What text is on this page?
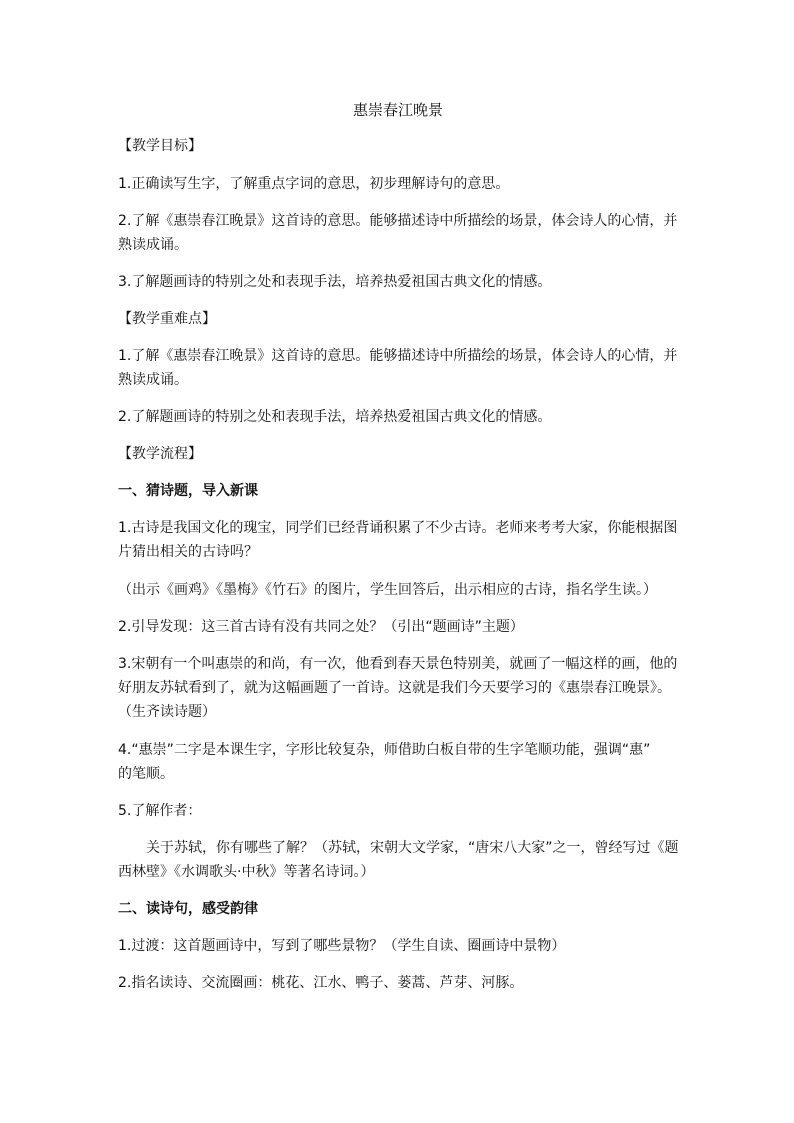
惠崇春江晚景

【教学目标】

1.正确读写生字，了解重点字词的意思，初步理解诗句的意思。

2.了解《惠崇春江晚景》这首诗的意思。能够描述诗中所描绘的场景，体会诗人的心情，并

熟读成诵。

3.了解题画诗的特别之处和表现手法，培养热爱祖国古典文化的情感。

【教学重难点】

1.了解《惠崇春江晚景》这首诗的意思。能够描述诗中所描绘的场景，体会诗人的心情，并

熟读成诵。

2.了解题画诗的特别之处和表现手法，培养热爱祖国古典文化的情感。

【教学流程】

一、猜诗题，导入新课

1.古诗是我国文化的瑰宝，同学们已经背诵积累了不少古诗。老师来考考大家，你能根据图

片猜出相关的古诗吗？

（出示《画鸡》《墨梅》《竹石》的图片，学生回答后，出示相应的古诗，指名学生读。）

2.引导发现：这三首古诗有没有共同之处？（引出“题画诗”主题）

3.宋朝有一个叫惠崇的和尚，有一次，他看到春天景色特别美，就画了一幅这样的画，他的

好朋友苏轼看到了，就为这幅画题了一首诗。这就是我们今天要学习的《惠崇春江晚景》。

（生齐读诗题）

4.“惠崇”二字是本课生字，字形比较复杂，师借助白板自带的生字笔顺功能，强调“惠”

的笔顺。

5.了解作者：

关于苏轼，你有哪些了解？（苏轼，宋朝大文学家，“唐宋八大家”之一，曾经写过《题

西林壁》《水调歌头·中秋》等著名诗词。）

二、读诗句，感受韵律

1.过渡：这首题画诗中，写到了哪些景物？（学生自读、圈画诗中景物）

2.指名读诗、交流圈画：桃花、江水、鸭子、蒌蒿、芦芽、河豚。
